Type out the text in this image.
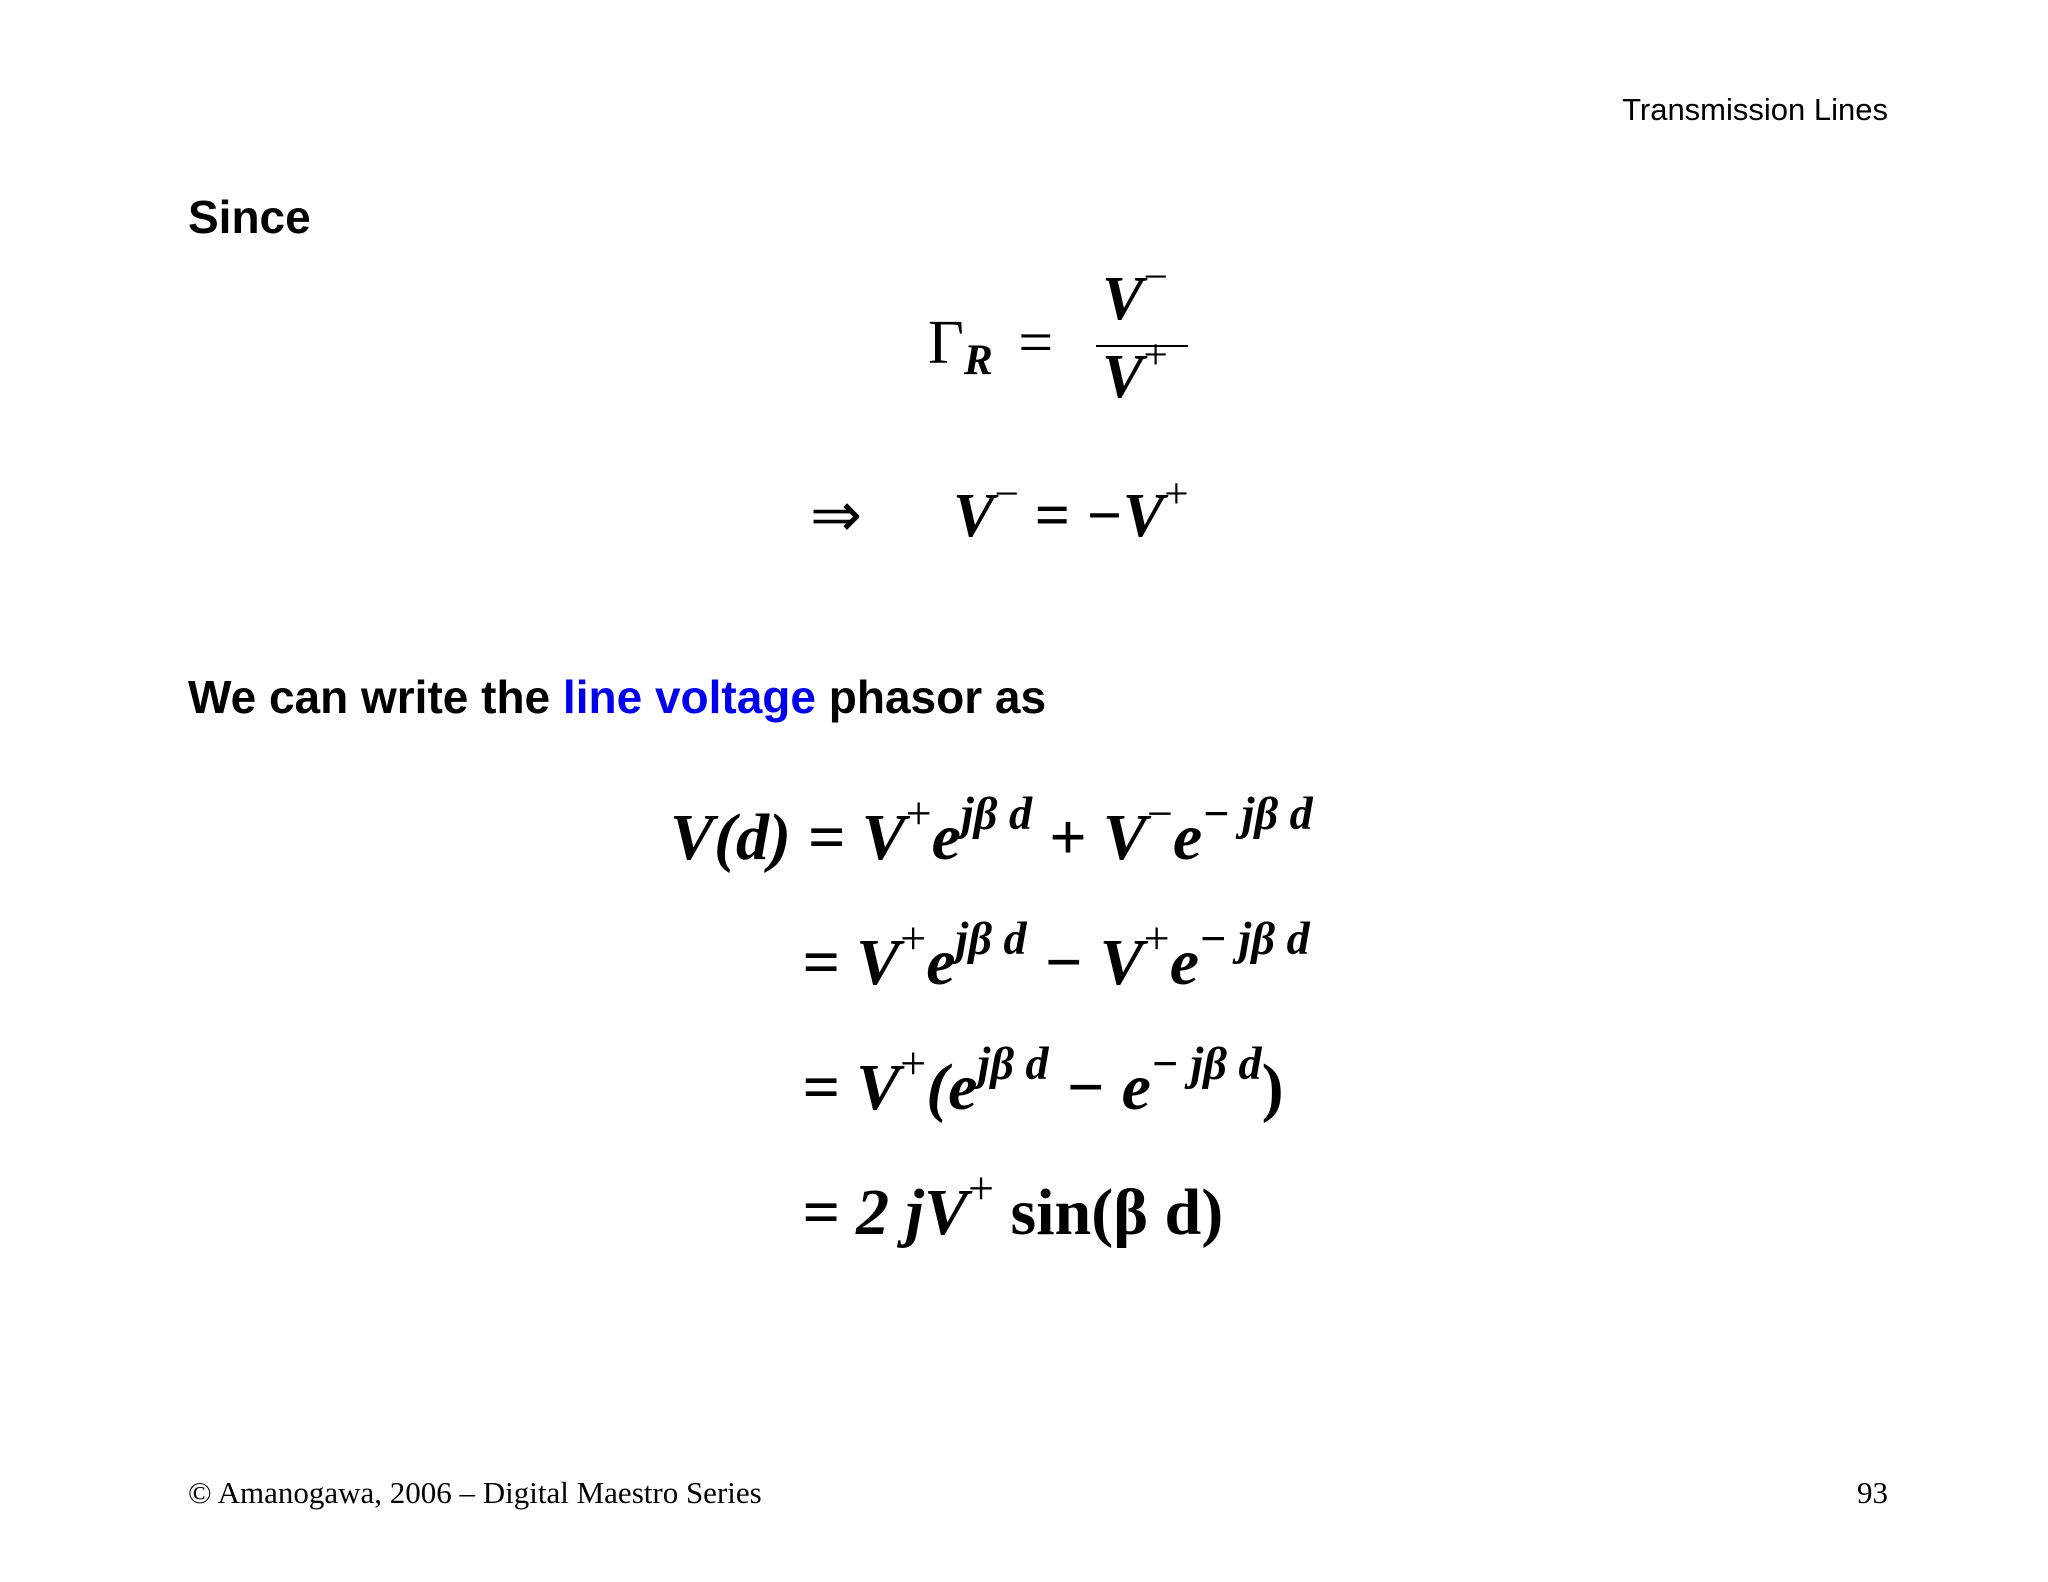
Transmission Lines
Since
ΓR =
V−
V+
⇒ V− = −V+
We can write the line voltage phasor as
$V(d) = V^+e^{j\beta d} + V^-e^{- j\beta d}$
= $V^+e^{j\beta d} - V^+e^{- j\beta d}$
= $V^+(e^{j\beta d} - e^{- j\beta d})$
= 2 jV+ sin(β d)
© Amanogawa, 2006 – Digital Maestro Series	93
